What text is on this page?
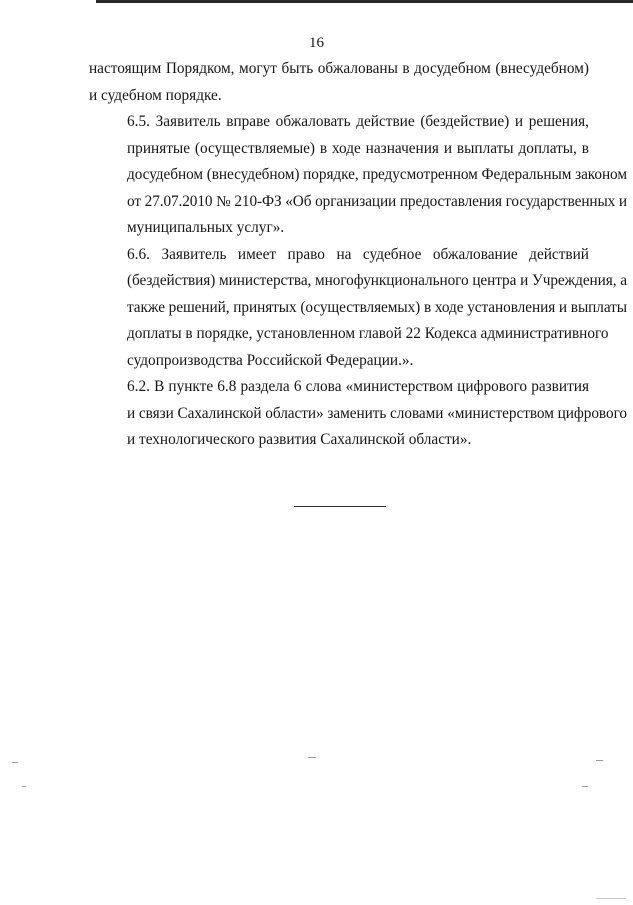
16

настоящим Порядком, могут быть обжалованы в досудебном (внесудебном)
и судебном порядке.

6.5. Заявитель вправе обжаловать действие (бездействие) и решения,
принятые (осуществляемые) в ходе назначения и выплаты доплаты, в
досудебном (внесудебном) порядке, предусмотренном Федеральным законом
от 27.07.2010 № 210-ФЗ «Об организации предоставления государственных и
муниципальных услуг».

6.6. Заявитель имеет право на судебное обжалование действий
(бездействия) министерства, многофункционального центра и Учреждения, а
также решений, принятых (осуществляемых) в ходе установления и выплаты
доплаты в порядке, установленном главой 22 Кодекса административного
судопроизводства Российской Федерации.».

6.2. В пункте 6.8 раздела 6 слова «министерством цифрового развития
и связи Сахалинской области» заменить словами «министерством цифрового
и технологического развития Сахалинской области».
